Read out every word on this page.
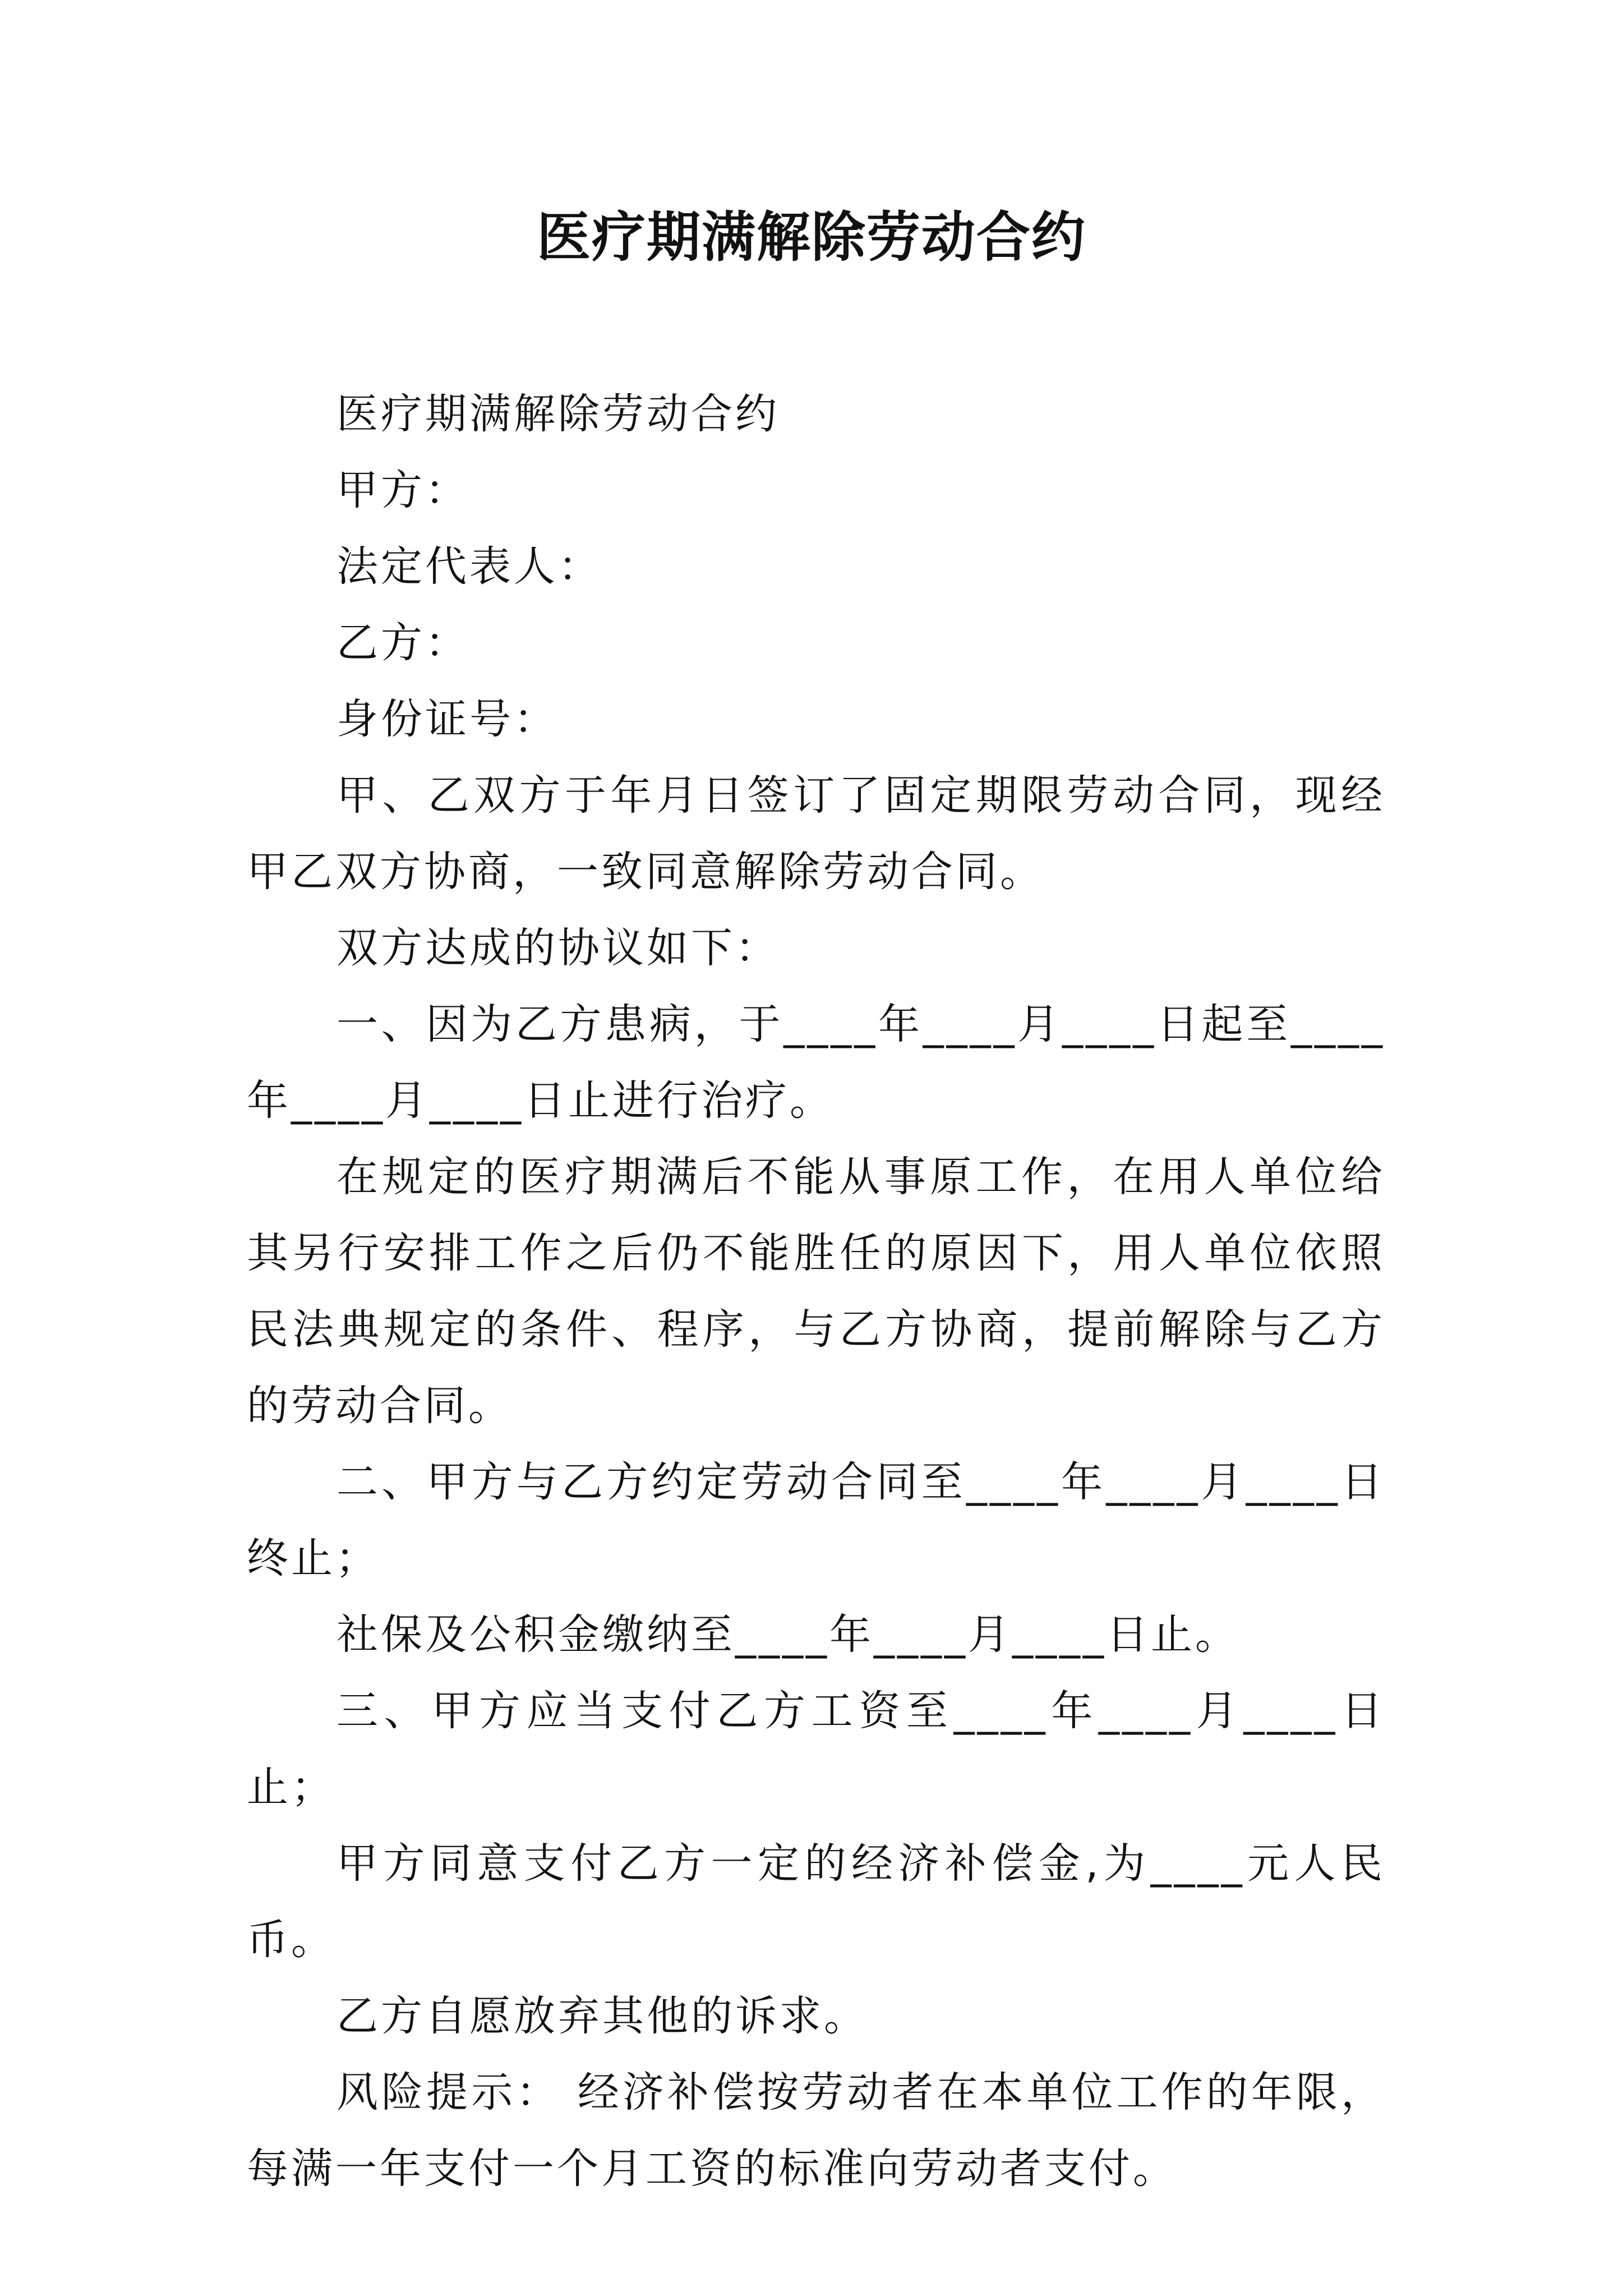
医疗期满解除劳动合约

医疗期满解除劳动合约

甲方：

法定代表人：

乙方：

身份证号：

甲、乙双方于年月日签订了固定期限劳动合同，现经甲乙双方协商，一致同意解除劳动合同。

双方达成的协议如下：

一、因为乙方患病，于____年____月____日起至____年____月____日止进行治疗。

在规定的医疗期满后不能从事原工作，在用人单位给其另行安排工作之后仍不能胜任的原因下，用人单位依照民法典规定的条件、程序，与乙方协商，提前解除与乙方的劳动合同。

二、甲方与乙方约定劳动合同至____年____月____日终止；

社保及公积金缴纳至____年____月____日止。

三、甲方应当支付乙方工资至____年____月____日止；

甲方同意支付乙方一定的经济补偿金,为____元人民币。

乙方自愿放弃其他的诉求。

风险提示： 经济补偿按劳动者在本单位工作的年限，每满一年支付一个月工资的标准向劳动者支付。
